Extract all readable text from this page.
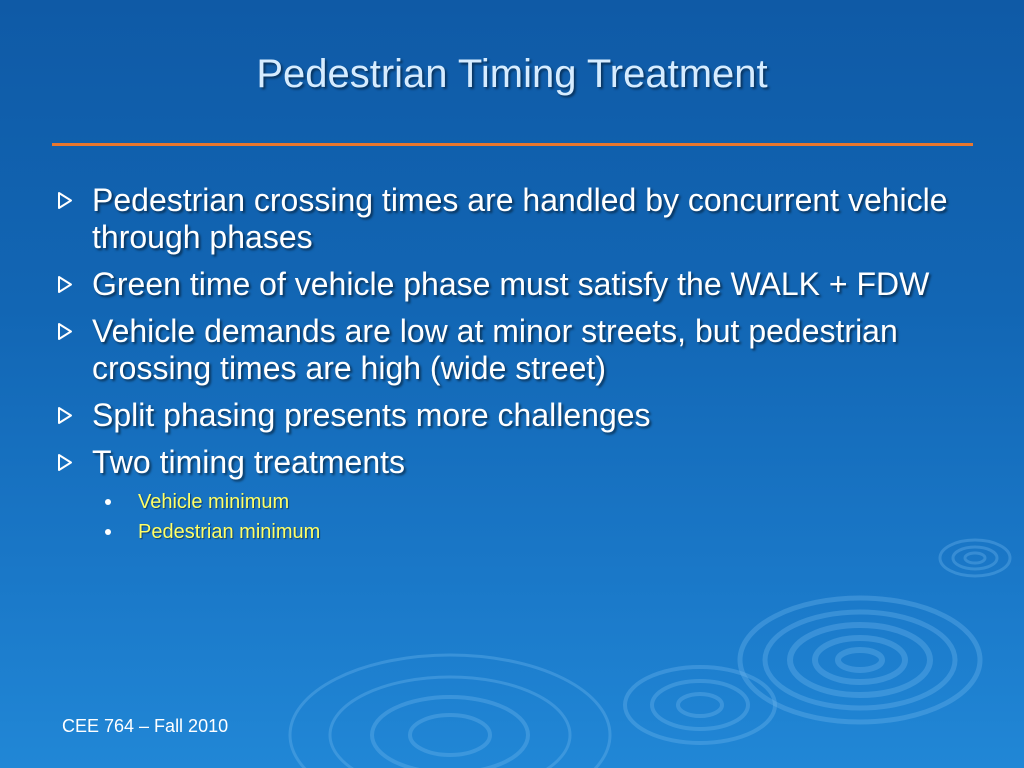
Pedestrian Timing Treatment
Pedestrian crossing times are handled by concurrent vehicle through phases
Green time of vehicle phase must satisfy the WALK + FDW
Vehicle demands are low at minor streets, but pedestrian crossing times are high (wide street)
Split phasing presents more challenges
Two timing treatments
Vehicle minimum
Pedestrian minimum
CEE 764 – Fall 2010
